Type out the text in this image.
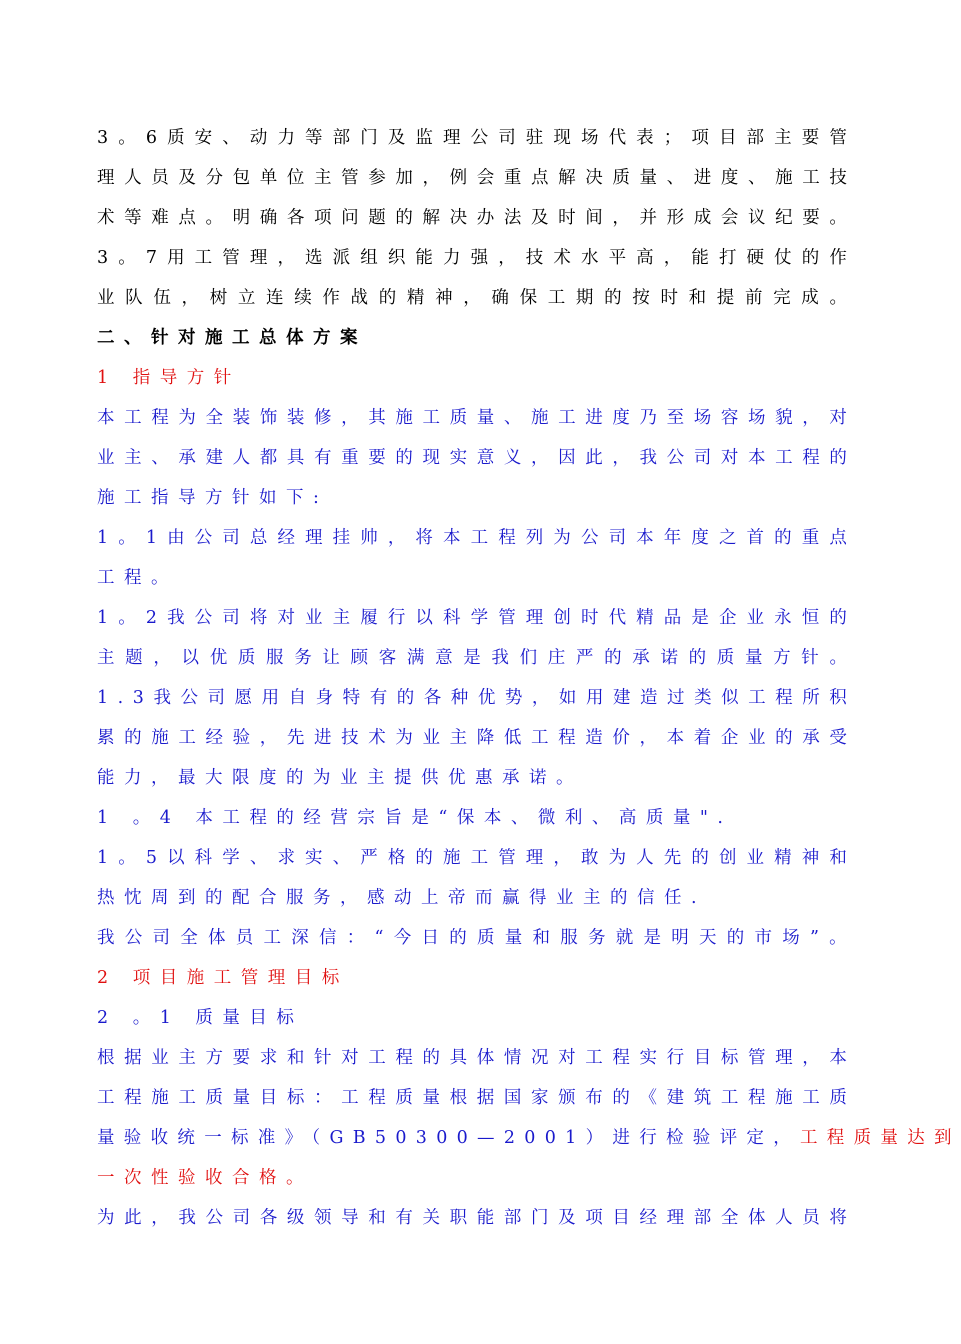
3 。 6 质 安 、 动 力 等 部 门 及 监 理 公 司 驻 现 场 代 表 ； 项 目 部 主 要 管
理 人 员 及 分 包 单 位 主 管 参 加 ， 例 会 重 点 解 决 质 量 、 进 度 、 施 工 技
术 等 难 点 。 明 确 各 项 问 题 的 解 决 办 法 及 时 间 ， 并 形 成 会 议 纪 要 。
3 。 7 用 工 管 理 ， 选 派 组 织 能 力 强 ， 技 术 水 平 高 ， 能 打 硬 仗 的 作
业 队 伍 ， 树 立 连 续 作 战 的 精 神 ， 确 保 工 期 的 按 时 和 提 前 完 成 。
二、针对施工总体方案
1 指导方针
本 工 程 为 全 装 饰 装 修 ， 其 施 工 质 量 、 施 工 进 度 乃 至 场 容 场 貌 ， 对
业 主 、 承 建 人 都 具 有 重 要 的 现 实 意 义 ， 因 此 ， 我 公 司 对 本 工 程 的
施工指导方针如下:
1 。 1 由 公 司 总 经 理 挂 帅 ， 将 本 工 程 列 为 公 司 本 年 度 之 首 的 重 点
工程。
1 。 2 我 公 司 将 对 业 主 履 行 以 科 学 管 理 创 时 代 精 品 是 企 业 永 恒 的
主 题 ， 以 优 质 服 务 让 顾 客 满 意 是 我 们 庄 严 的 承 诺 的 质 量 方 针 。
1 . 3 我 公 司 愿 用 自 身 特 有 的 各 种 优 势 ， 如 用 建 造 过 类 似 工 程 所 积
累 的 施 工 经 验 ， 先 进 技 术 为 业 主 降 低 工 程 造 价 ， 本 着 企 业 的 承 受
能力，最大限度的为业主提供优惠承诺。
1 。4 本工程的经营宗旨是“保本、微利、高质量".
1 。 5 以 科 学 、 求 实 、 严 格 的 施 工 管 理 ， 敢 为 人 先 的 创 业 精 神 和
热忱周到的配合服务，感动上帝而赢得业主的信任.
我 公 司 全 体 员 工 深 信 ： “ 今 日 的 质 量 和 服 务 就 是 明 天 的 市 场 ” 。
2 项目施工管理目标
2 。1 质量目标
根 据 业 主 方 要 求 和 针 对 工 程 的 具 体 情 况 对 工 程 实 行 目 标 管 理 ， 本
工 程 施 工 质 量 目 标 ： 工 程 质 量 根 据 国 家 颁 布 的 《 建 筑 工 程 施 工 质
量验收统一标准》（GB50300—2001）进行检验评定， 工程质量达到
一次性验收合格。
为 此 ， 我 公 司 各 级 领 导 和 有 关 职 能 部 门 及 项 目 经 理 部 全 体 人 员 将
